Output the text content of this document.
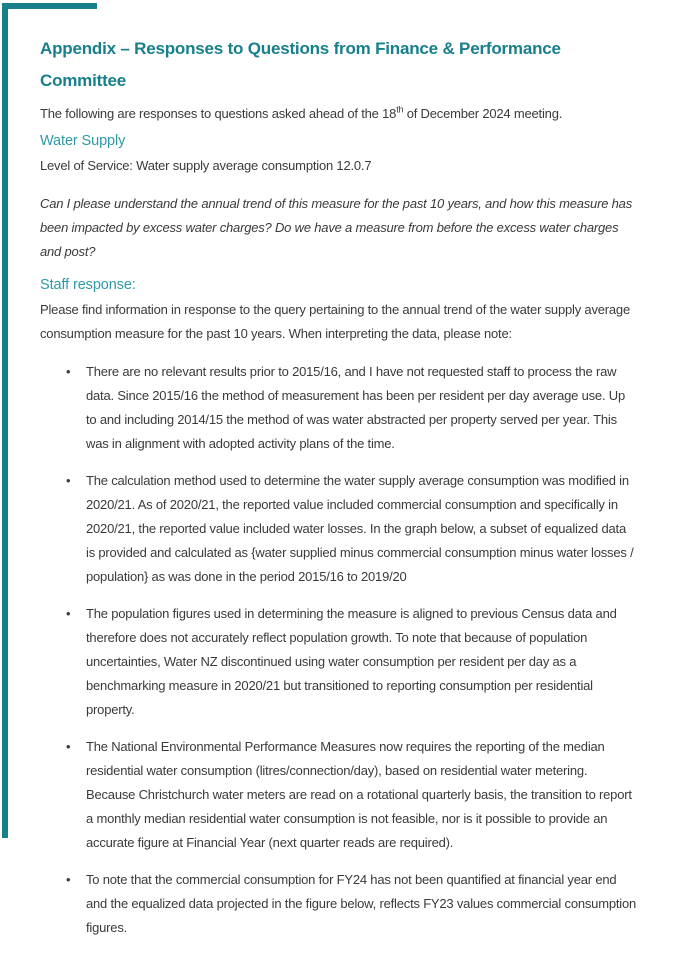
Appendix – Responses to Questions from Finance & Performance Committee

The following are responses to questions asked ahead of the 18th of December 2024 meeting.

Water Supply

Level of Service: Water supply average consumption 12.0.7

Can I please understand the annual trend of this measure for the past 10 years, and how this measure has been impacted by excess water charges? Do we have a measure from before the excess water charges and post?

Staff response:

Please find information in response to the query pertaining to the annual trend of the water supply average consumption measure for the past 10 years. When interpreting the data, please note:

• There are no relevant results prior to 2015/16, and I have not requested staff to process the raw data. Since 2015/16 the method of measurement has been per resident per day average use. Up to and including 2014/15 the method of was water abstracted per property served per year. This was in alignment with adopted activity plans of the time.
• The calculation method used to determine the water supply average consumption was modified in 2020/21. As of 2020/21, the reported value included commercial consumption and specifically in 2020/21, the reported value included water losses. In the graph below, a subset of equalized data is provided and calculated as {water supplied minus commercial consumption minus water losses / population} as was done in the period 2015/16 to 2019/20
• The population figures used in determining the measure is aligned to previous Census data and therefore does not accurately reflect population growth. To note that because of population uncertainties, Water NZ discontinued using water consumption per resident per day as a benchmarking measure in 2020/21 but transitioned to reporting consumption per residential property.
• The National Environmental Performance Measures now requires the reporting of the median residential water consumption (litres/connection/day), based on residential water metering. Because Christchurch water meters are read on a rotational quarterly basis, the transition to report a monthly median residential water consumption is not feasible, nor is it possible to provide an accurate figure at Financial Year (next quarter reads are required).
• To note that the commercial consumption for FY24 has not been quantified at financial year end and the equalized data projected in the figure below, reflects FY23 values commercial consumption figures.
